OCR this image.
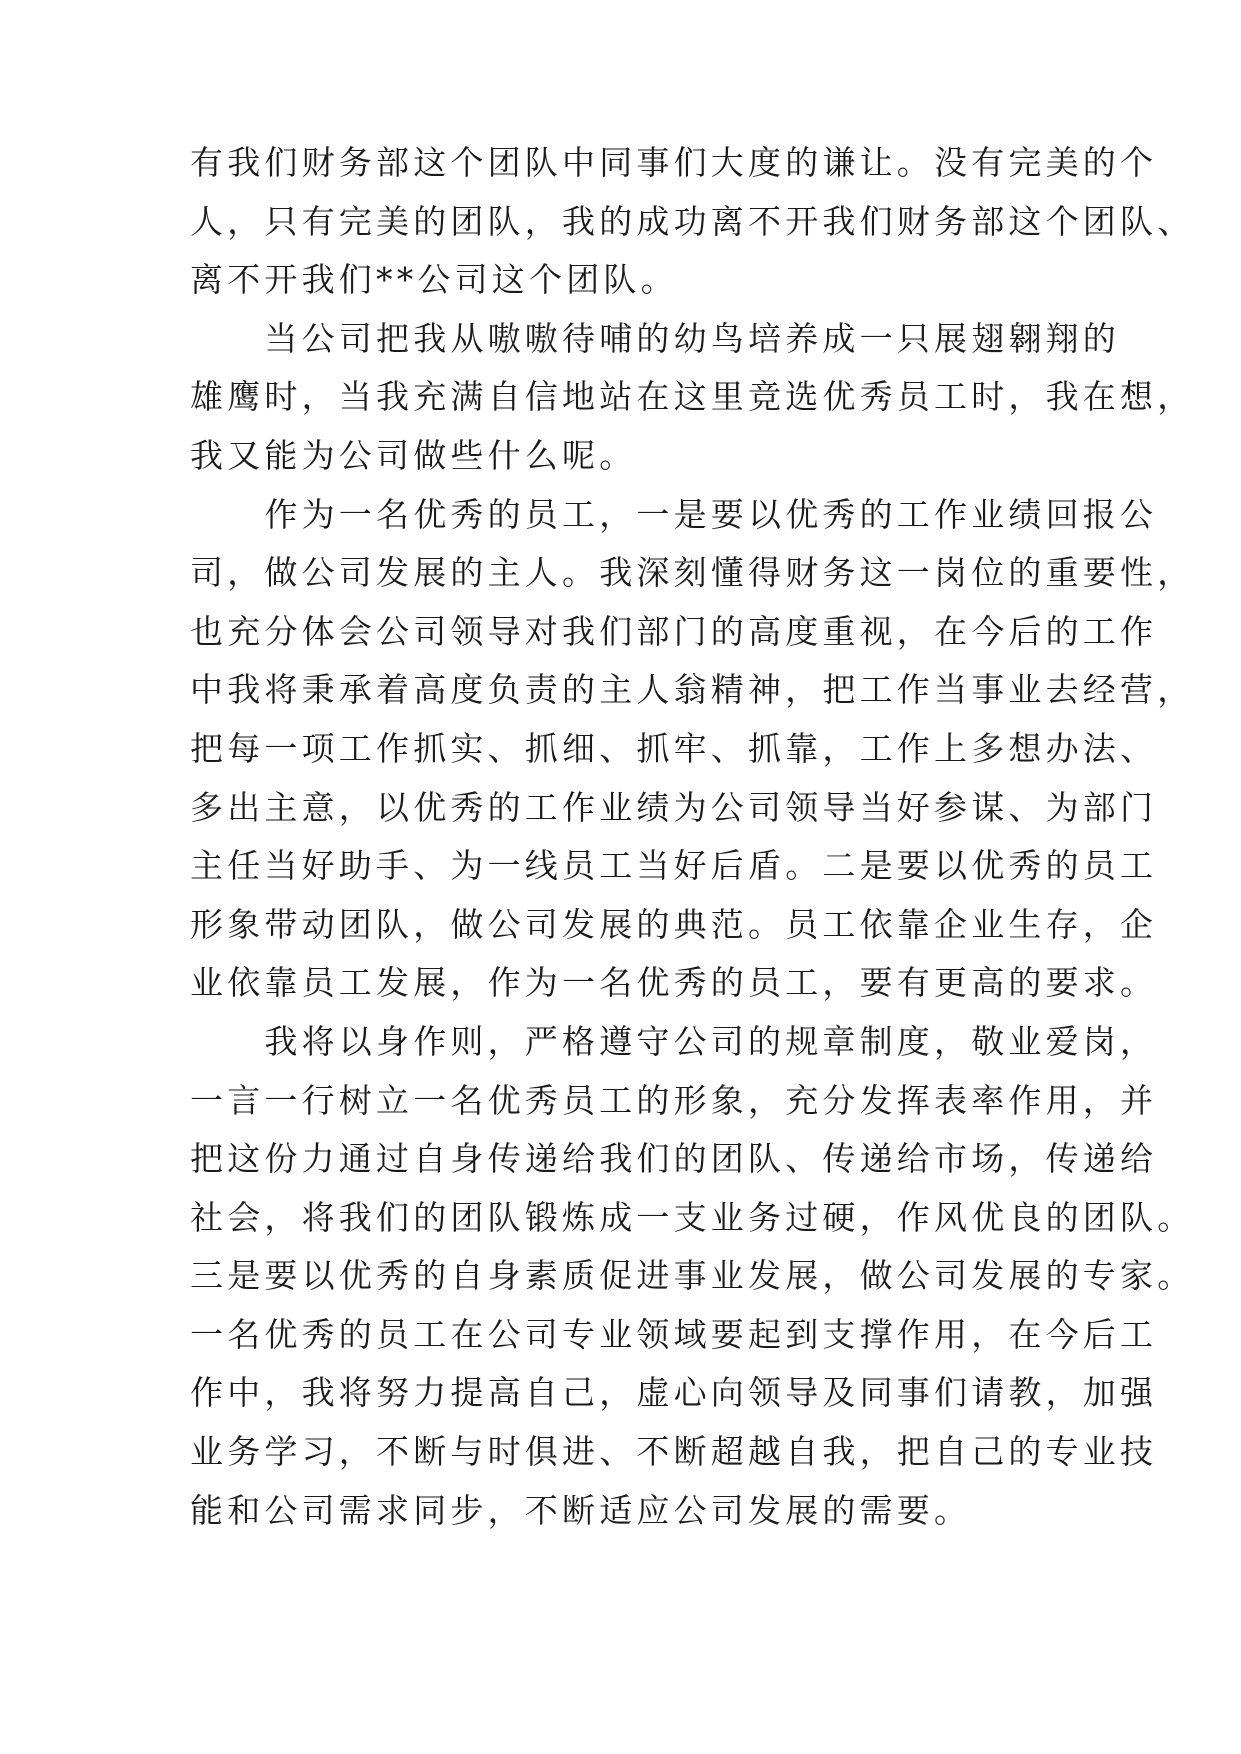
有我们财务部这个团队中同事们大度的谦让。没有完美的个
人，只有完美的团队，我的成功离不开我们财务部这个团队、
离不开我们**公司这个团队。
　　当公司把我从嗷嗷待哺的幼鸟培养成一只展翅翱翔的
雄鹰时，当我充满自信地站在这里竞选优秀员工时，我在想，
我又能为公司做些什么呢。
　　作为一名优秀的员工，一是要以优秀的工作业绩回报公
司，做公司发展的主人。我深刻懂得财务这一岗位的重要性，
也充分体会公司领导对我们部门的高度重视，在今后的工作
中我将秉承着高度负责的主人翁精神，把工作当事业去经营，
把每一项工作抓实、抓细、抓牢、抓靠，工作上多想办法、
多出主意，以优秀的工作业绩为公司领导当好参谋、为部门
主任当好助手、为一线员工当好后盾。二是要以优秀的员工
形象带动团队，做公司发展的典范。员工依靠企业生存，企
业依靠员工发展，作为一名优秀的员工，要有更高的要求。
　　我将以身作则，严格遵守公司的规章制度，敬业爱岗，
一言一行树立一名优秀员工的形象，充分发挥表率作用，并
把这份力通过自身传递给我们的团队、传递给市场，传递给
社会，将我们的团队锻炼成一支业务过硬，作风优良的团队。
三是要以优秀的自身素质促进事业发展，做公司发展的专家。
一名优秀的员工在公司专业领域要起到支撑作用，在今后工
作中，我将努力提高自己，虚心向领导及同事们请教，加强
业务学习，不断与时俱进、不断超越自我，把自己的专业技
能和公司需求同步，不断适应公司发展的需要。
